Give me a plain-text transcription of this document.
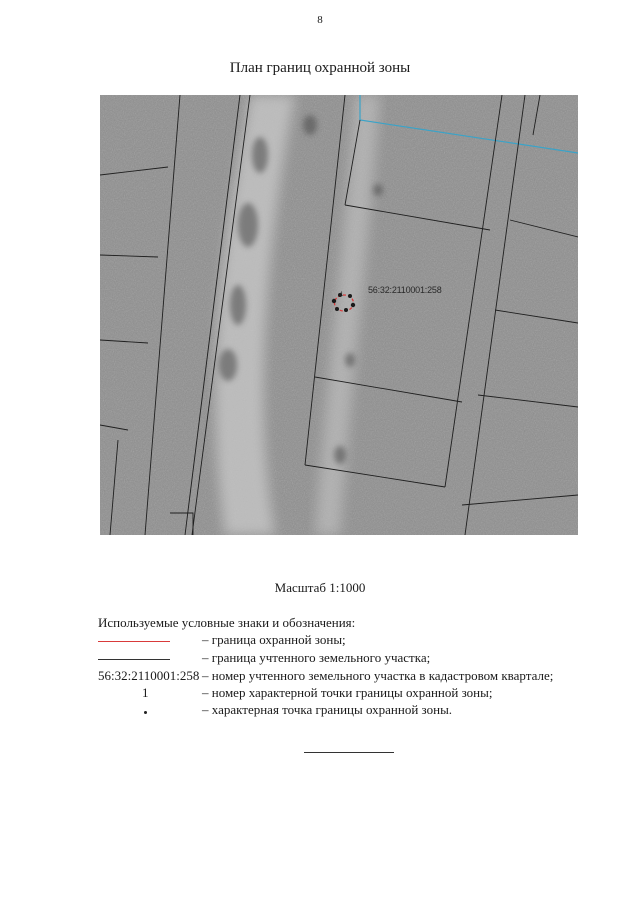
8
План границ охранной зоны
1	56:32:2110001:258
Масштаб 1:1000
Используемые условные знаки и обозначения:
– граница охранной зоны;
– граница учтенного земельного участка;
56:32:2110001:258 – номер учтенного земельного участка в кадастровом квартале;
1	– номер характерной точки границы охранной зоны;
– характерная точка границы охранной зоны.
